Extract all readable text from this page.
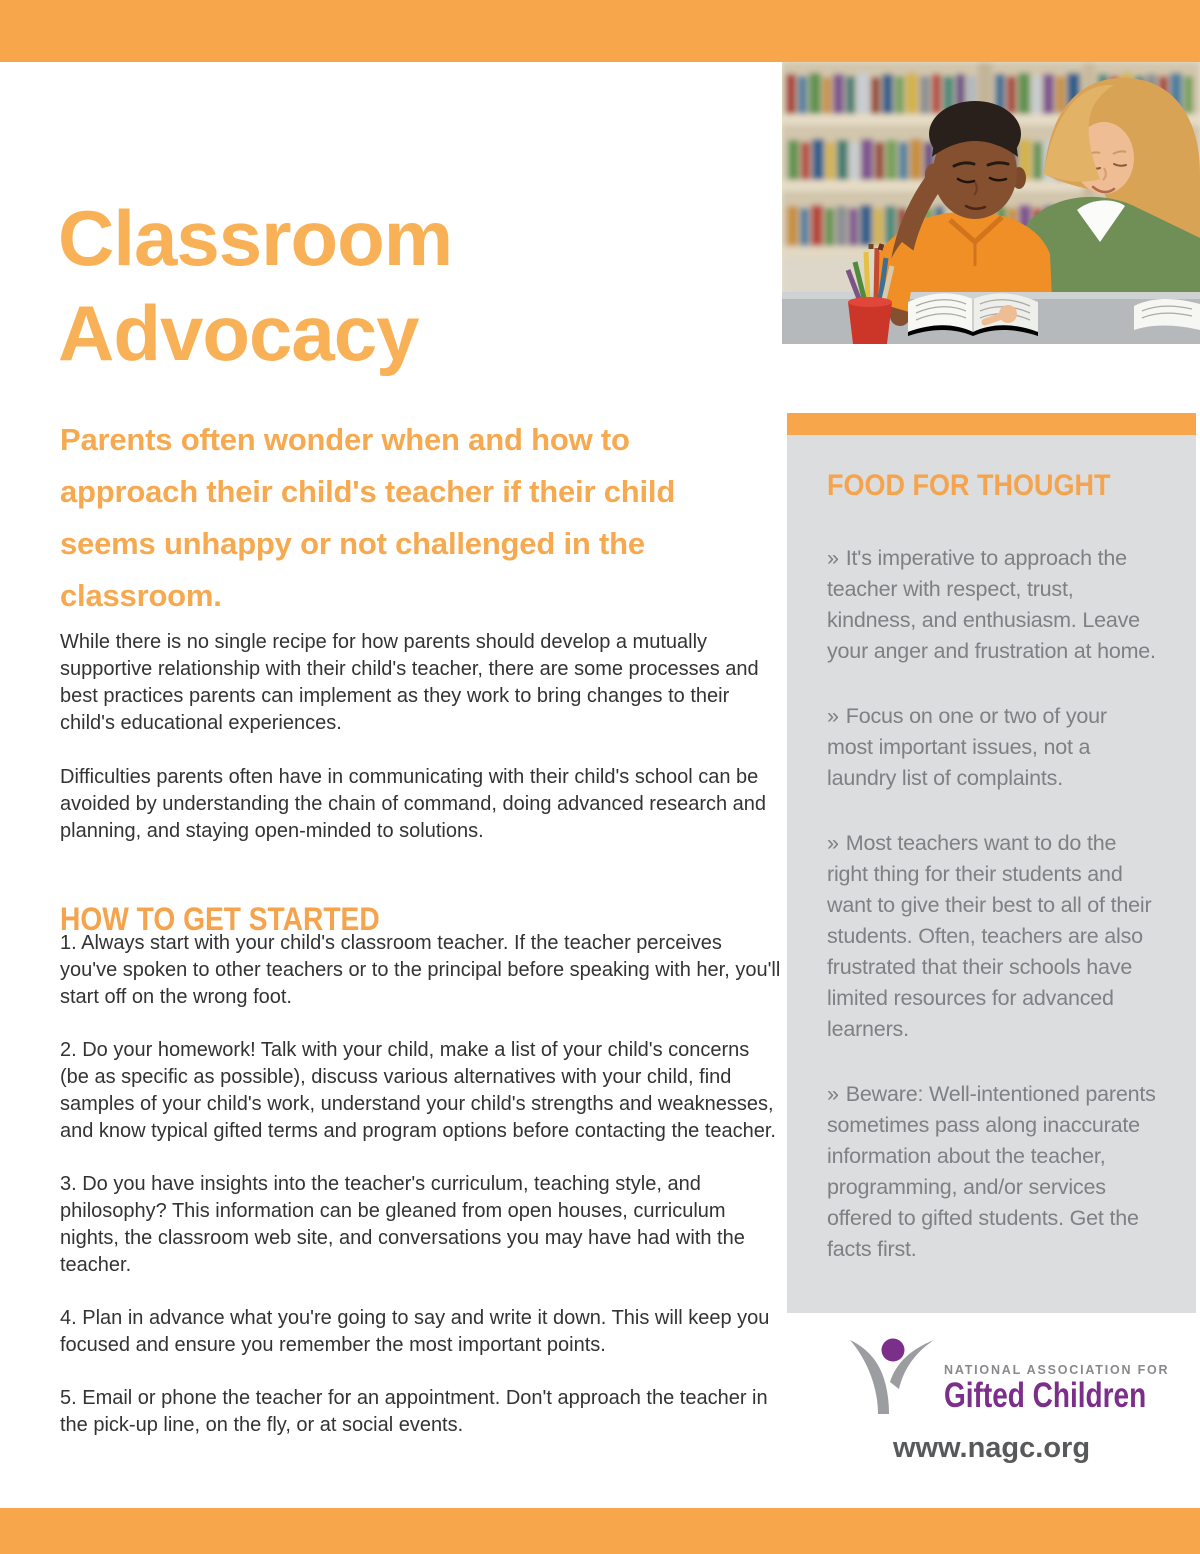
Classroom Advocacy

Parents often wonder when and how to approach their child's teacher if their child seems unhappy or not challenged in the classroom.

While there is no single recipe for how parents should develop a mutually supportive relationship with their child's teacher, there are some processes and best practices parents can implement as they work to bring changes to their child's educational experiences.

Difficulties parents often have in communicating with their child's school can be avoided by understanding the chain of command, doing advanced research and planning, and staying open-minded to solutions.

HOW TO GET STARTED

1. Always start with your child's classroom teacher. If the teacher perceives you've spoken to other teachers or to the principal before speaking with her, you'll start off on the wrong foot.

2. Do your homework! Talk with your child, make a list of your child's concerns (be as specific as possible), discuss various alternatives with your child, find samples of your child's work, understand your child's strengths and weaknesses, and know typical gifted terms and program options before contacting the teacher.

3. Do you have insights into the teacher's curriculum, teaching style, and philosophy? This information can be gleaned from open houses, curriculum nights, the classroom web site, and conversations you may have had with the teacher.

4. Plan in advance what you're going to say and write it down. This will keep you focused and ensure you remember the most important points.

5. Email or phone the teacher for an appointment. Don't approach the teacher in the pick-up line, on the fly, or at social events.

FOOD FOR THOUGHT

» It's imperative to approach the teacher with respect, trust, kindness, and enthusiasm. Leave your anger and frustration at home.

» Focus on one or two of your most important issues, not a laundry list of complaints.

» Most teachers want to do the right thing for their students and want to give their best to all of their students. Often, teachers are also frustrated that their schools have limited resources for advanced learners.

» Beware: Well-intentioned parents sometimes pass along inaccurate information about the teacher, programming, and/or services offered to gifted students. Get the facts first.

NATIONAL ASSOCIATION FOR
Gifted Children
www.nagc.org
